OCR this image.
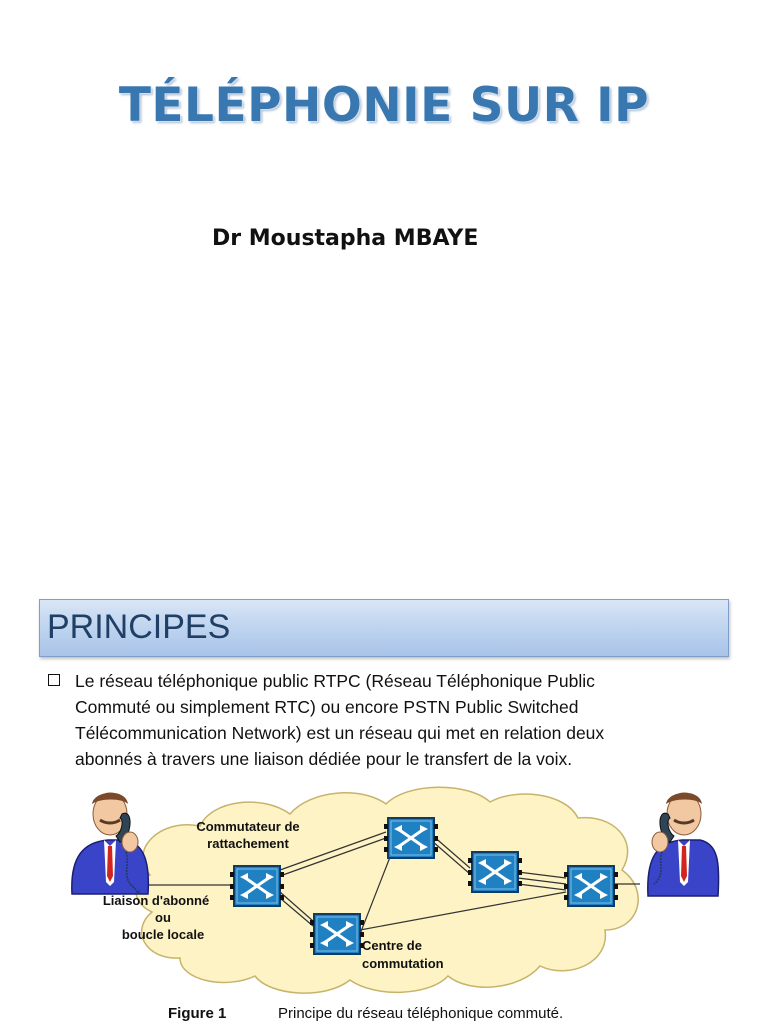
TÉLÉPHONIE SUR IP
Dr Moustapha MBAYE
PRINCIPES
Le réseau téléphonique public RTPC (Réseau Téléphonique Public
Commuté ou simplement RTC) ou encore PSTN Public Switched
Télécommunication Network) est un réseau qui met en relation deux
abonnés à travers une liaison dédiée pour le transfert de la voix.
Commutateur de
rattachement
Liaison d'abonné
ou
boucle locale
Centre de
commutation
Figure 1	Principe du réseau téléphonique commuté.
